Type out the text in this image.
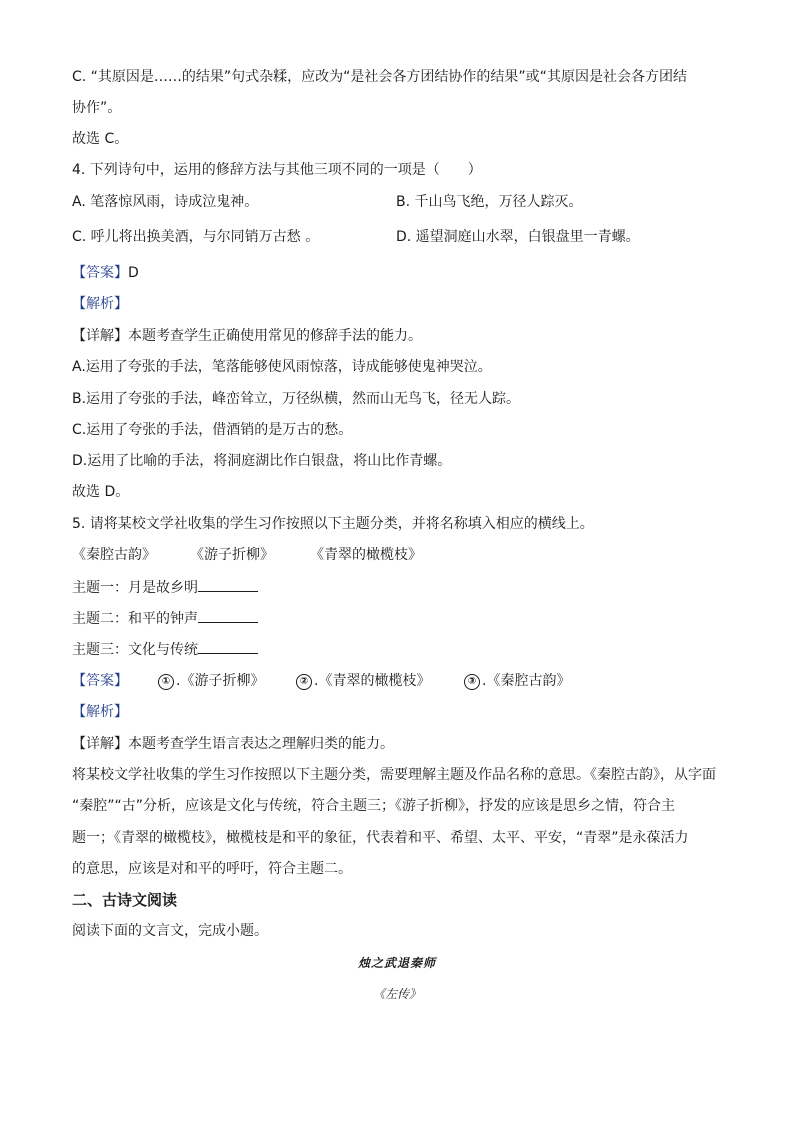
C. “其原因是……的结果”句式杂糅，应改为“是社会各方团结协作的结果”或“其原因是社会各方团结
协作”。
故选 C。
4. 下列诗句中，运用的修辞方法与其他三项不同的一项是（　　）
A. 笔落惊风雨，诗成泣鬼神。	B. 千山鸟飞绝，万径人踪灭。
C. 呼儿将出换美酒，与尔同销万古愁 。	D. 遥望洞庭山水翠，白银盘里一青螺。
【答案】D
【解析】
【详解】本题考查学生正确使用常见的修辞手法的能力。
A.运用了夸张的手法，笔落能够使风雨惊落，诗成能够使鬼神哭泣。
B.运用了夸张的手法，峰峦耸立，万径纵横，然而山无鸟飞，径无人踪。
C.运用了夸张的手法，借酒销的是万古的愁。
D.运用了比喻的手法，将洞庭湖比作白银盘，将山比作青螺。
故选 D。
5. 请将某校文学社收集的学生习作按照以下主题分类，并将名称填入相应的横线上。
《秦腔古韵》 《游子折柳》	《青翠的橄榄枝》
主题一：月是故乡明
主题二：和平的钟声
主题三：文化与传统
【答案】	① .《游子折柳》	② .《青翠的橄榄枝》	③ .《秦腔古韵》
【解析】
【详解】本题考查学生语言表达之理解归类的能力。
将某校文学社收集的学生习作按照以下主题分类，需要理解主题及作品名称的意思。《秦腔古韵》，从字面
“秦腔”“古”分析，应该是文化与传统，符合主题三；《游子折柳》，抒发的应该是思乡之情，符合主
题一；《青翠的橄榄枝》，橄榄枝是和平的象征，代表着和平、希望、太平、平安，“青翠”是永葆活力
的意思，应该是对和平的呼吁，符合主题二。
二、古诗文阅读
阅读下面的文言文，完成小题。
烛之武退秦师
《左传》
